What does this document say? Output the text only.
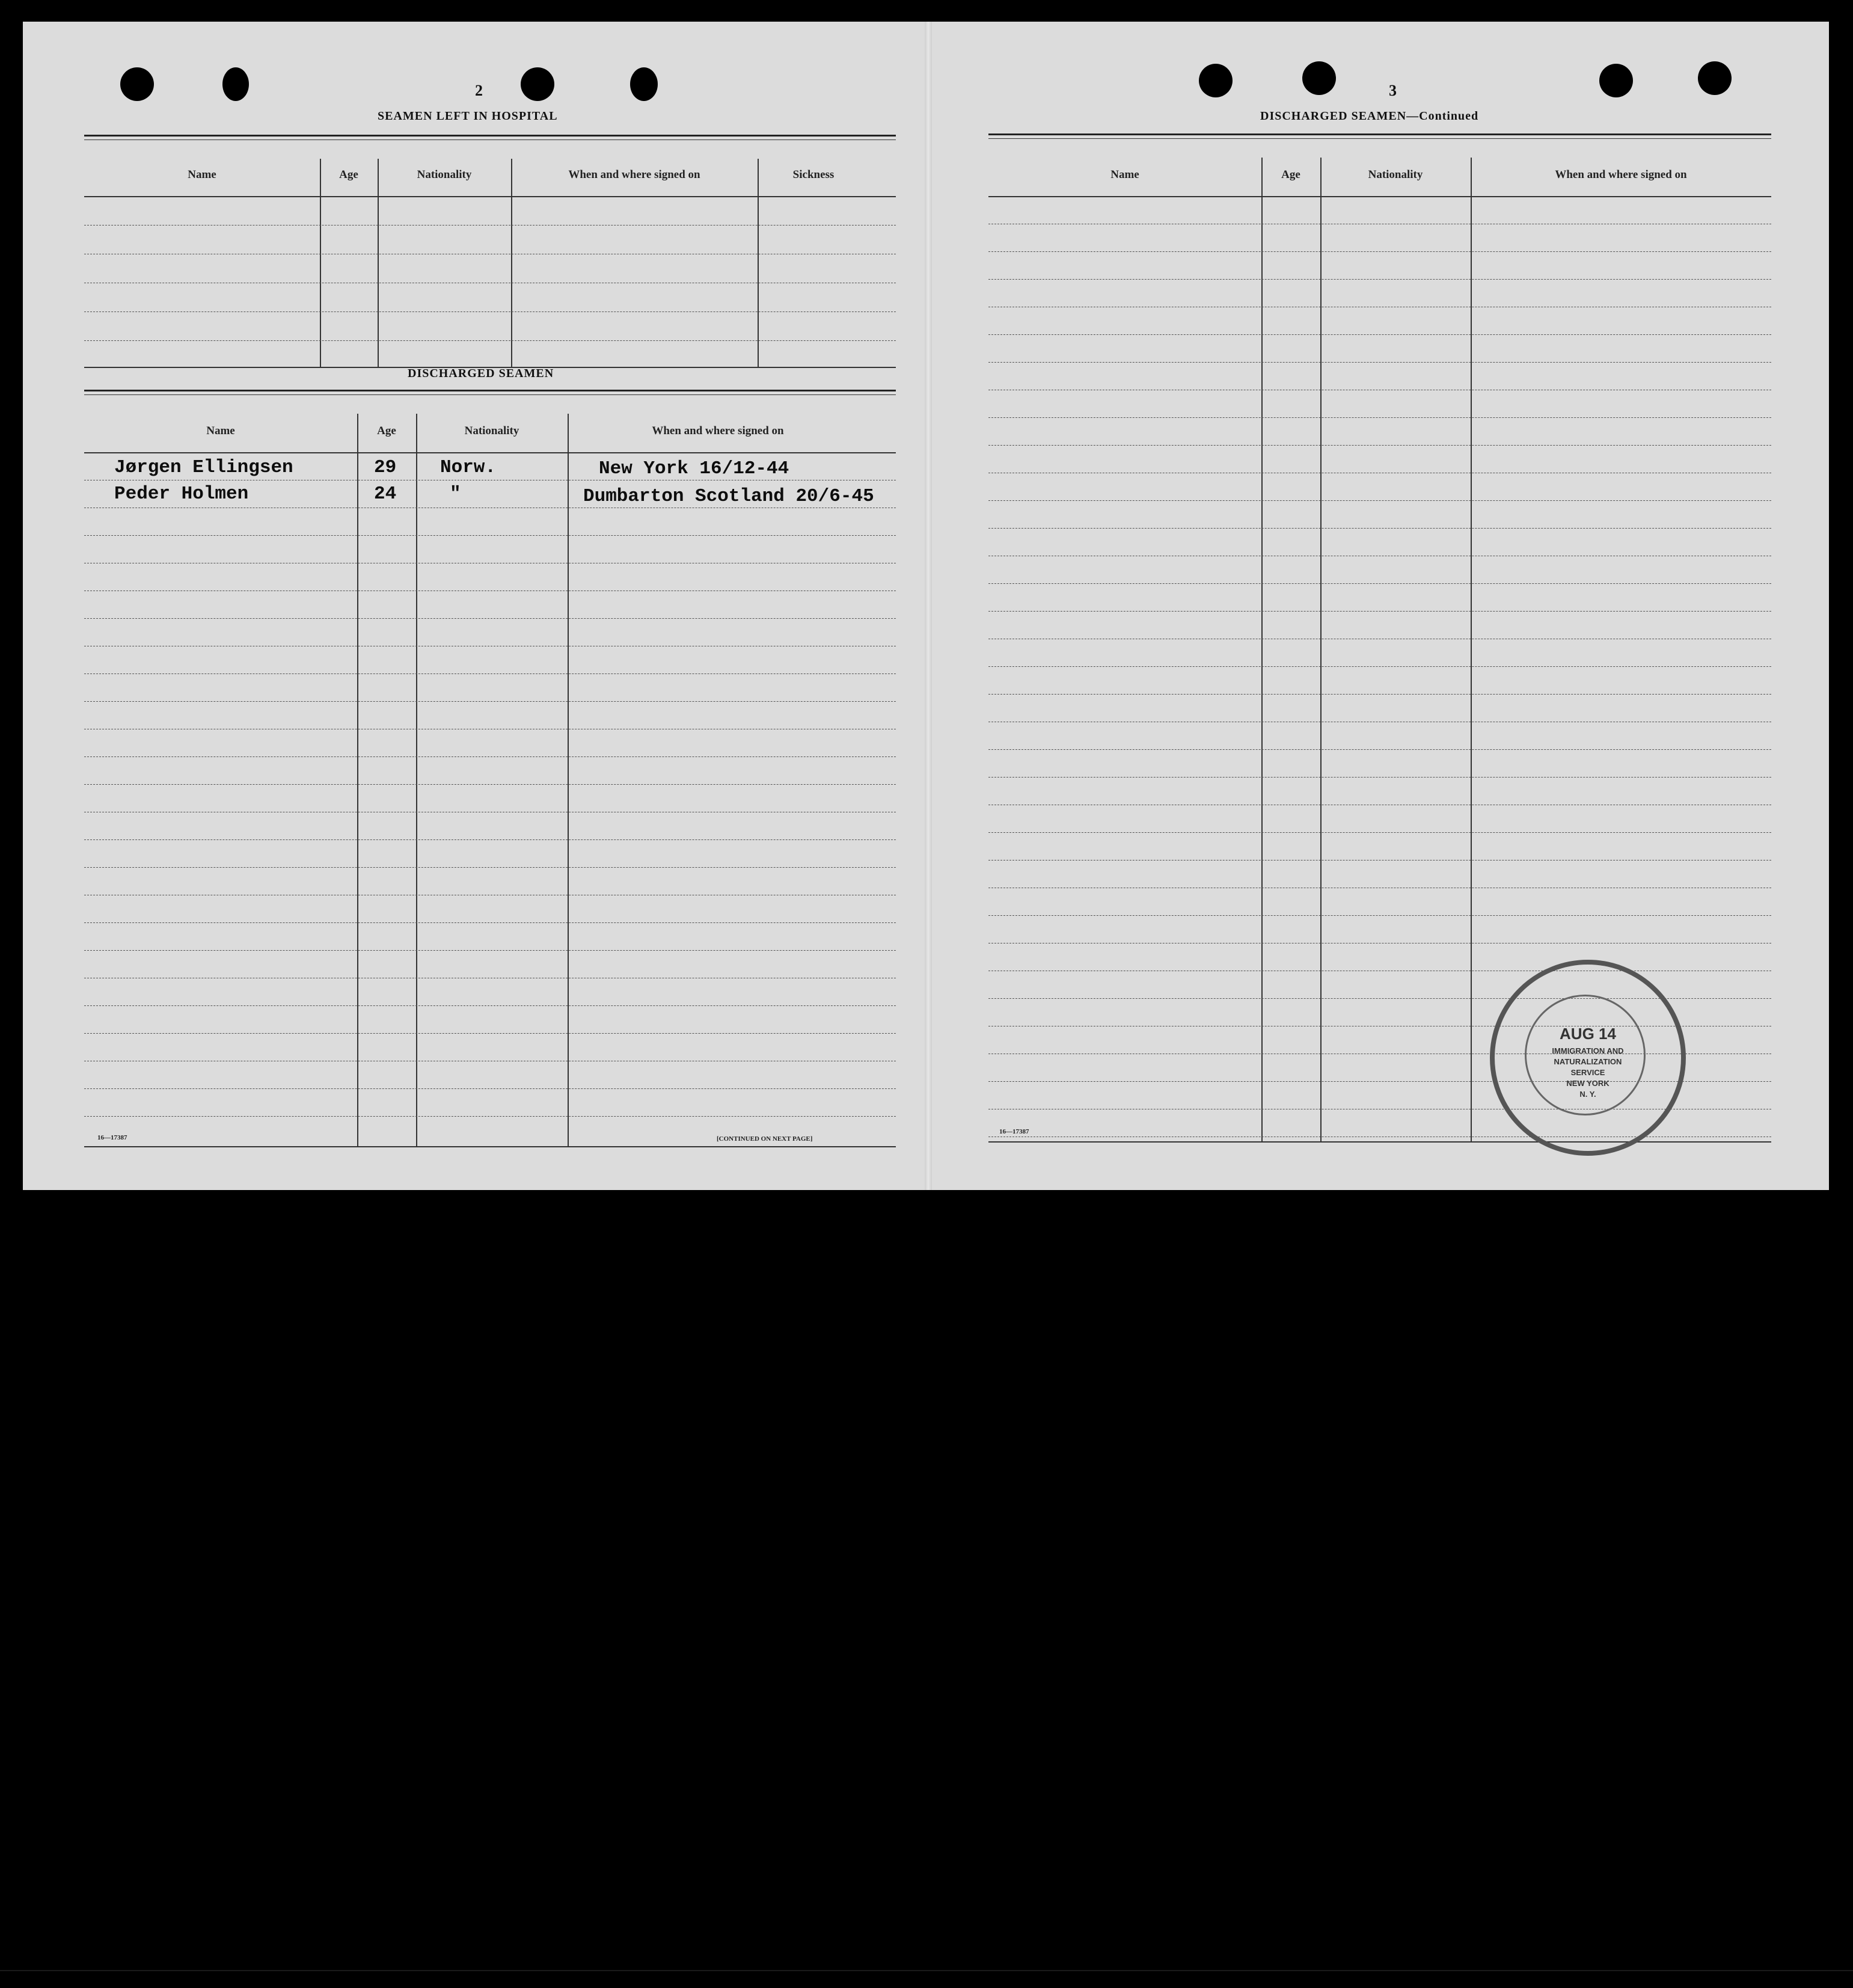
2
SEAMEN LEFT IN HOSPITAL
Name	Age	Nationality	When and where signed on	Sickness
DISCHARGED SEAMEN
Name	Age	Nationality	When and where signed on
Jørgen Ellingsen	29 Norw.	New York 16/12-44
Peder Holmen	24	"	Dumbarton Scotland 20/6-45
16—17387	[CONTINUED ON NEXT PAGE]
3
DISCHARGED SEAMEN—Continued
Name	Age	Nationality	When and where signed on
16—17387
AUG 14
IMMIGRATION AND
NATURALIZATION
SERVICE
NEW YORK
N. Y.
